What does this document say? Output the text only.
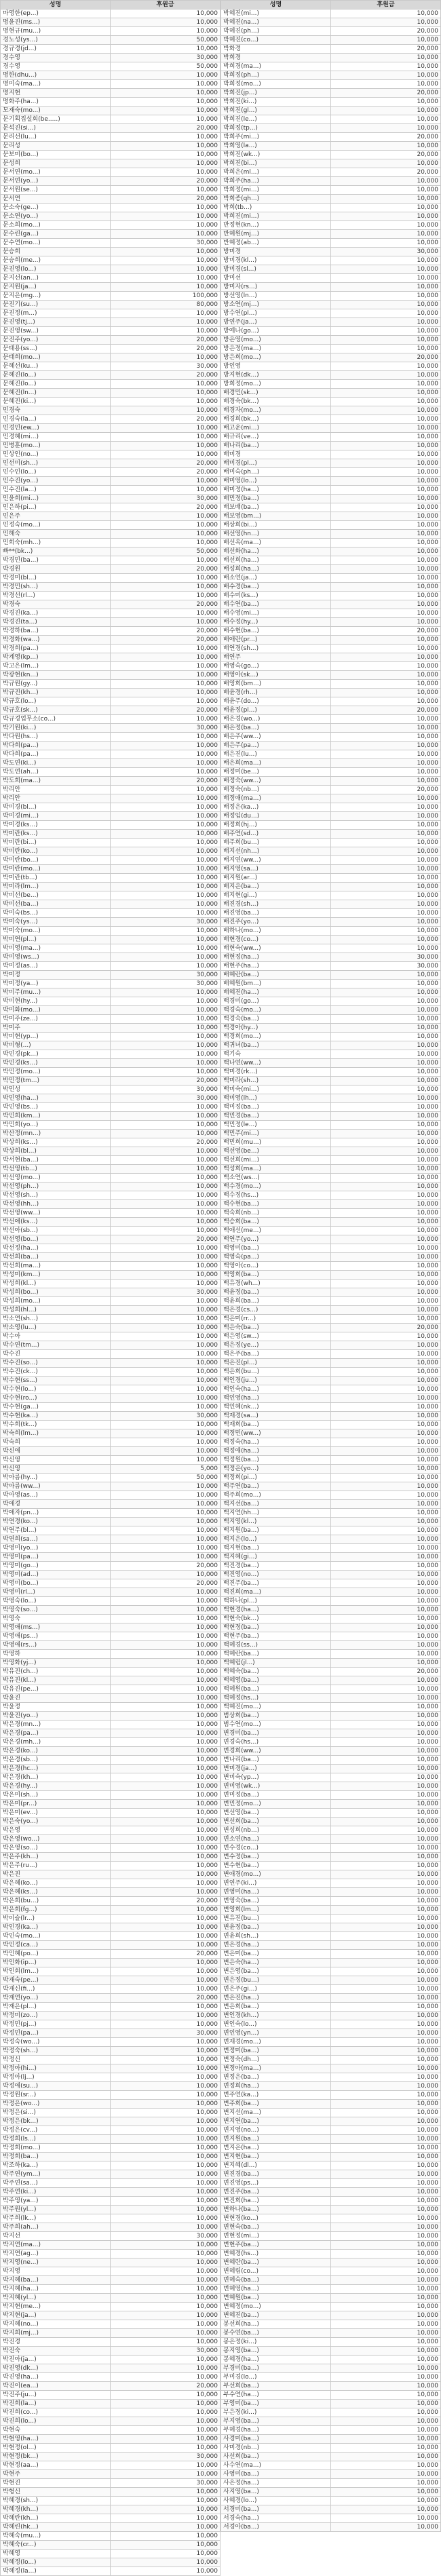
성명	후원금
마영한(ep...)	10,000
명윤진(ms...)	10,000
명현규(mu...)	10,000
경노성(ys...)	50,000
경규경(jd...)	10,000
경수영	30,000
경수영	50,000
명한(dhu...)	10,000
명미숙(ma...)	10,000
명지현	10,000
명화주(ha...)	10,000
모재숙(mo...)	10,000
문기획집설회(be.....)	10,000
문석진(si...)	20,000
문리선(lu...)	10,000
문리성	10,000
문보미(bo...)	10,000
문성희	10,000
문서연(mo...)	10,000
문서연(yo...)	20,000
문서원(se...)	10,000
문서연	20,000
문소숙(ge...)	10,000
문소연(yo...)	10,000
문소희(mo...)	10,000
문수린(ga...)	10,000
문수연(mo...)	30,000
문승희	10,000
문승희(me...)	10,000
문진영(lo...)	10,000
문지선(an...)	10,000
문지원(ja...)	10,000
문지은(mg...)	100,000
문진기(su...)	80,000
문진정(m...)	10,000
문진영(tj...)	10,000
문진영(sw...)	10,000
문진주(yo...)	20,000
문태용(ss...)	20,000
문태희(mo...)	10,000
문혜선(ku...)	30,000
문혜진(lo...)	20,000
문혜진(lo...)	10,000
문혜진(ln...)	10,000
문혜진(ki...)	10,000
민경숙	10,000
민경숙(la...)	20,000
민경민(ew...)	10,000
민경혜(mi...)	10,000
민병훈(mo...)	10,000
민상인(no...)	10,000
민선미(sh...)	20,000
민수인(lo...)	20,000
민수진(yo...)	10,000
민수진(la...)	10,000
민윤희(mi...)	30,000
민은하(pi...)	20,000
민은주	10,000
민정숙(mo...)	10,000
민해숙	10,000
민희숙(mh...)	10,000
빠**(bk...)	50,000
박경민(ba...)	10,000
박경원	20,000
박경미(bl...)	10,000
박경민(sh...)	10,000
박경선(rl...)	10,000
박경숙	20,000
박경진(ka...)	10,000
박경진(ta...)	10,000
박경하(ba...)	20,000
박경화(wa...)	20,000
박경희(pa...)	10,000
박계영(kp...)	10,000
박고은(lm...)	10,000
박광현(kn...)	10,000
박규원(gy...)	10,000
박규진(kh...)	10,000
박규호(lo...)	10,000
박규호(sk...)	20,000
박규경업무소(co...)	10,000
박기원(ki...)	30,000
박다원(hs...)	10,000
박다희(pa...)	10,000
박다희(pa...)	10,000
박도연(ki...)	10,000
박도연(ah...)	10,000
박도희(ma...)	20,000
박리안	10,000
박리안	10,000
박미경(bl...)	10,000
박미경(mi...)	10,000
박미경(ks...)	10,000
박미란(ks...)	10,000
박미란(bi...)	10,000
박미란(ko...)	10,000
박미란(bo...)	10,000
박미란(mo...)	10,000
박미란(tb...)	10,000
박미라(lm...)	10,000
박미선(be...)	10,000
박미선(ba...)	10,000
박미숙(bs...)	10,000
박미숙(ys...)	30,000
박미숙(mo...)	10,000
박미연(pl...)	10,000
박미영(ma...)	10,000
박미영(ws...)	10,000
박미정(as...)	10,000
박미정	30,000
박미정(ya...)	30,000
박미주(mu...)	10,000
박미현(hy...)	10,000
박미화(mo...)	10,000
박미주(ze...)	10,000
박미주	10,000
박미현(yp...)	10,000
박미형(...)	10,000
박민경(pk...)	10,000
박민경(ks...)	10,000
박민정(mo...)	10,000
박민정(tm...)	20,000
박민성	30,000
박민영(ha...)	30,000
박민영(bs...)	10,000
박민희(km...)	10,000
박민희(yo...)	10,000
박산정(mn...)	10,000
박상희(ks...)	20,000
박상희(bl...)	10,000
박서현(ba...)	10,000
박선영(tb...)	10,000
박선영(mo...)	10,000
박선영(ph...)	10,000
박선영(sh...)	10,000
박선영(hh...)	10,000
박선영(ww...)	10,000
박선애(ks...)	10,000
박선아(sb...)	10,000
박선영(bo...)	20,000
박선정(ha...)	10,000
박선희(ba...)	10,000
박선희(ma...)	10,000
박성미(km...)	10,000
박성희(kl...)	10,000
박성희(bo...)	30,000
박성희(mo...)	10,000
박성희(hl...)	10,000
박소연(sh...)	10,000
박소영(lu...)	10,000
박수아	10,000
박수연(tm...)	10,000
박수진	10,000
박수진(so...)	10,000
박수진(ck...)	10,000
박수현(ss...)	10,000
박수현(lo...)	10,000
박수현(ro...)	10,000
박수현(ga...)	10,000
박수현(ka...)	30,000
박수희(tk...)	10,000
박숙희(lm...)	10,000
박숙희	10,000
박신애	10,000
박신영	10,000
박신영	5,000
박아름(hy...)	50,000
박아름(ww...)	10,000
박아영(as...)	10,000
박애경	10,000
박애자(pn...)	10,000
박연경(ko...)	10,000
박연주(bl...)	10,000
박연희(sa...)	10,000
박영미(yo...)	10,000
박영미(pa...)	10,000
박영미(go...)	20,000
박영미(ad...)	10,000
박영미(bo...)	20,000
박영미(rl...)	10,000
박영숙(lo...)	10,000
박영숙(so...)	10,000
박영숙	10,000
박영애(ms...)	10,000
박영애(ps...)	10,000
박영애(rs...)	10,000
박영하	10,000
박영화(yj...)	10,000
박유진(ch...)	10,000
박유진(kl...)	10,000
박유진(pe...)	10,000
박윤진	10,000
박윤정	10,000
박윤진(yo...)	10,000
박은경(mn...)	10,000
박은경(pa...)	10,000
박은경(mh...)	10,000
박은경(ko...)	10,000
박은경(sb...)	10,000
박은경(hc...)	10,000
박은경(kh...)	10,000
박은경(hy...)	10,000
박은미(sh...)	10,000
박은미(pr...)	10,000
박은미(ev...)	10,000
박은숙(yo...)	10,000
박은영	10,000
박은영(wo...)	10,000
박은영(so...)	10,000
박은주(kh...)	10,000
박은주(ru...)	10,000
박은진	10,000
박은혜(ko...)	10,000
박은혜(ks...)	10,000
박은희(bu...)	20,000
박은희(fg...)	10,000
박이슬(lr...)	10,000
박인경(ka...)	10,000
박인숙(mo...)	10,000
박인정(ca...)	10,000
박인혜(po...)	20,000
박인화(ip...)	10,000
박인회(lm...)	10,000
박재숙(pe...)	10,000
박재신(fi...)	10,000
박재연(yo...)	20,000
박재은(pl...)	10,000
박정미(zo...)	10,000
박정민(pj...)	10,000
박정민(pa...)	30,000
박정숙(wo...)	10,000
박정숙(sh...)	10,000
박정신	10,000
박정아(hi...)	10,000
박정아(lj...)	10,000
박정애(su...)	10,000
박정원(sr...)	10,000
박정은(wo...)	10,000
박정은(si...)	10,000
박정은(bk...)	10,000
박정은(cv...)	10,000
박정희(ls...)	10,000
박정희(mo...)	10,000
박정희(ba...)	10,000
박조하(ka...)	10,000
박주연(ym...)	10,000
박주연(sa...)	10,000
박주연(ki...)	10,000
박주영(ya...)	10,000
박주원(yl...)	10,000
박주희(lk...)	10,000
박주희(ah...)	10,000
박지선	30,000
박지연(ma...)	10,000
박지연(ag...)	10,000
박지영(ne...)	10,000
박지영	10,000
박지혜(ba...)	10,000
박지혜(ha...)	10,000
박지혜(yl...)	10,000
박지현(me...)	10,000
박지현(ja...)	10,000
박지혜(no...)	10,000
박지희(mj...)	10,000
박진경	10,000
박진숙	30,000
박진아(ja...)	10,000
박진영(dk...)	10,000
박진영(ha...)	10,000
박진이(ea...)	20,000
박진주(ju...)	10,000
박진희(la...)	10,000
박진희(co...)	10,000
박진희(lo...)	10,000
박현숙	10,000
박현영(ha...)	10,000
박현정(ol...)	10,000
박현정(bk...)	30,000
박현정(aa...)	10,000
박현주	10,000
박현진	30,000
박형신	10,000
박혜경(sh...)	10,000
박혜경(kh...)	10,000
박혜란(kh...)	10,000
박혜린(hk...)	10,000
박혜숙(mu...)	10,000
박혜숙(cr...)	10,000
박혜영	10,000
박혜정(lo...)	10,000
박혜정(la...)	10,000
성명	후원금
박혜진(mi...)	10,000
박혜진(na...)	10,000
박혜진(ph...)	20,000
박혜진(co...)	10,000
박화경	20,000
박희경	10,000
박희경(ma...)	10,000
박희정(ph...)	10,000
박희정(mo...)	10,000
박희진(jp...)	20,000
박희진(ki...)	10,000
박희진(gl...)	10,000
박희진(le...)	10,000
박희정(tp...)	10,000
박희주(mi...)	20,000
박희영(la...)	10,000
박희진(wk...)	20,000
박희진(bi...)	10,000
박희은(ml...)	20,000
박희주(ha...)	10,000
박희정(mi...)	10,000
박희종(qh...)	10,000
박희(tb...)	10,000
박희진(mi...)	10,000
반정현(kn...)	10,000
반혜원(mj...)	10,000
반혜정(ab...)	10,000
방미경	30,000
방미경(kl...)	10,000
방미경(sl...)	10,000
방미선	10,000
방미자(rs...)	10,000
방선영(ln...)	10,000
방소연(mj...)	10,000
방수연(pl...)	10,000
방연주(ja...)	10,000
방예나(go...)	10,000
방은영(mo...)	10,000
방은정(ma...)	10,000
방은희(mo...)	20,000
방인영	10,000
방지현(dk...)	10,000
방희정(mo...)	10,000
배경민(sk...)	10,000
배경숙(bk...)	10,000
배경자(mo...)	10,000
배경희(bk...)	10,000
배고운(mi...)	10,000
배규리(ve...)	10,000
배나리(ba...)	10,000
배미경	10,000
배미경(pl...)	10,000
배미숙(ph...)	10,000
배미영(lo...)	10,000
배미정(ha...)	10,000
배민정(ba...)	10,000
배보배(ba...)	10,000
배보영(bm...)	10,000
배상희(bi...)	10,000
배선영(hn...)	10,000
배선옥(ma...)	10,000
배선화(ha...)	10,000
배선희(ha...)	10,000
배성희(ha...)	10,000
배소연(ja...)	10,000
배수경(ba...)	10,000
배수미(ks...)	10,000
배수연(ba...)	10,000
배수영(mi...)	10,000
배수정(hy...)	10,000
배수현(ba...)	20,000
배애란(pr...)	10,000
배연경(sh...)	10,000
배연주	10,000
배영숙(go...)	10,000
배영아(sk...)	10,000
배영희(bm...)	10,000
배윤경(rh...)	10,000
배윤주(do...)	10,000
배윤정(pl...)	20,000
배은경(wo...)	10,000
배은정(ba...)	10,000
배은주(ww...)	10,000
배은주(pa...)	10,000
배은진(lu...)	10,000
배은희(ma...)	10,000
배정미(be...)	10,000
배정숙(ww...)	10,000
배정숙(nb...)	20,000
배정애(ma...)	10,000
배정은(ka...)	10,000
배정임(du...)	10,000
배정희(hj...)	10,000
배주연(sd...)	10,000
배주희(bu...)	10,000
배지선(nh...)	10,000
배지연(ww...)	10,000
배지영(sa...)	10,000
배지원(ar...)	10,000
배지은(ba...)	10,000
배지현(gi...)	10,000
배진경(sh...)	10,000
배진영(ba...)	10,000
배진주(yo...)	10,000
배하나(mo...)	10,000
배현경(co...)	10,000
배현숙(ww...)	10,000
배현정(ha...)	30,000
배현주(ha...)	30,000
배혜란(ba...)	10,000
배혜원(bm...)	10,000
배혜진(ha...)	10,000
백경미(go...)	10,000
백경숙(mo...)	10,000
백경숙(ba...)	10,000
백경아(hy...)	10,000
백경희(mo...)	10,000
백귀녀(ba...)	10,000
백기숙	10,000
백나연(ww...)	10,000
백미경(rk...)	10,000
백미라(sh...)	10,000
백미숙(mi...)	10,000
백미영(lh...)	10,000
백미정(ba...)	10,000
백민경(ba...)	10,000
백민정(le...)	10,000
백민주(mi...)	10,000
백민희(mu...)	10,000
백선영(be...)	10,000
백선희(mi...)	10,000
백성희(ma...)	10,000
백소연(ws...)	10,000
백수경(mo...)	10,000
백수정(hs...)	10,000
백수현(ba...)	10,000
백숙희(nb...)	10,000
백승희(ba...)	10,000
백애선(me...)	10,000
백연주(yo...)	10,000
백영미(ba...)	10,000
백영숙(pa...)	10,000
백영아(co...)	10,000
백영희(ba...)	10,000
백유경(wh...)	10,000
백윤정(ba...)	10,000
백윤희(ba...)	10,000
백은경(cs...)	10,000
백은미(rr...)	10,000
백은숙(ba...)	20,000
백은영(sw...)	10,000
백은정(ye...)	10,000
백은주(ba...)	10,000
백은진(pl...)	10,000
백은희(bu...)	10,000
백인경(ju...)	10,000
백인숙(ha...)	10,000
백인영(ha...)	10,000
백인혜(nk...)	10,000
백재경(sa...)	10,000
백재희(ba...)	10,000
백정민(ww...)	10,000
백정숙(ha...)	10,000
백정애(ha...)	10,000
백정원(ba...)	10,000
백정은(yo...)	10,000
백정희(pi...)	10,000
백주연(ba...)	10,000
백주희(mo...)	10,000
백지선(ba...)	10,000
백지연(hh...)	10,000
백지영(kl...)	10,000
백지원(ba...)	10,000
백지은(lo...)	10,000
백지현(ba...)	10,000
백지혜(gi...)	10,000
백진경(ba...)	10,000
백진영(no...)	10,000
백진주(ba...)	10,000
백진희(ma...)	10,000
백하나(pl...)	10,000
백현경(ha...)	10,000
백현숙(bk...)	10,000
백현정(ba...)	10,000
백현주(ba...)	10,000
백혜경(ss...)	10,000
백혜란(ba...)	10,000
백혜림(jl...)	10,000
백혜숙(ba...)	20,000
백혜영(ba...)	10,000
백혜원(ba...)	10,000
백혜정(hs...)	10,000
백혜진(mo...)	10,000
범상희(ba...)	10,000
범수연(mo...)	10,000
변경미(ba...)	10,000
변경숙(hs...)	10,000
변경희(ww...)	10,000
변나리(ba...)	10,000
변미경(ja...)	10,000
변미숙(yp...)	10,000
변미영(wk...)	10,000
변미정(ba...)	10,000
변민정(mo...)	10,000
변선영(ba...)	10,000
변선희(ba...)	10,000
변성희(nb...)	10,000
변소연(ha...)	10,000
변수경(co...)	10,000
변수정(ba...)	10,000
변수현(ba...)	10,000
변애경(mo...)	10,000
변연주(ki...)	10,000
변영미(ha...)	10,000
변영숙(ba...)	10,000
변영희(lm...)	10,000
변유진(bu...)	10,000
변윤정(ba...)	10,000
변윤희(sh...)	10,000
변은경(ha...)	10,000
변은미(ba...)	10,000
변은숙(ha...)	10,000
변은영(ba...)	10,000
변은정(bu...)	10,000
변은주(gi...)	10,000
변은진(ha...)	10,000
변은희(ba...)	10,000
변인경(kh...)	10,000
변인숙(lo...)	10,000
변인영(yn...)	10,000
변재경(mo...)	10,000
변정미(ba...)	10,000
변정숙(dh...)	10,000
변정아(ma...)	10,000
변정은(ba...)	10,000
변정희(ha...)	10,000
변주연(ka...)	10,000
변주희(ba...)	10,000
변지선(ma...)	10,000
변지연(ba...)	10,000
변지영(no...)	10,000
변지원(ba...)	10,000
변지은(ha...)	10,000
변지현(ba...)	10,000
변지혜(dl...)	10,000
변진경(ba...)	10,000
변진영(ps...)	10,000
변진주(ba...)	10,000
변진희(ha...)	10,000
변하나(ba...)	10,000
변현경(ko...)	10,000
변현숙(ba...)	10,000
변현정(mi...)	10,000
변현주(ba...)	10,000
변혜경(hs...)	10,000
변혜란(ba...)	10,000
변혜림(co...)	10,000
변혜숙(ba...)	10,000
변혜영(ha...)	10,000
변혜원(ba...)	10,000
변혜정(mo...)	10,000
변혜진(ba...)	10,000
봉선희(ha...)	10,000
봉수연(ba...)	10,000
봉은정(ki...)	10,000
봉지영(ba...)	10,000
봉혜경(ha...)	10,000
부경미(ba...)	10,000
부미경(lo...)	10,000
부선희(ba...)	10,000
부수연(ha...)	10,000
부영미(ba...)	10,000
부은정(ki...)	10,000
부지영(ba...)	10,000
부혜경(ha...)	10,000
사경미(ba...)	10,000
사미경(nb...)	10,000
사선희(ba...)	10,000
사수연(ma...)	10,000
사영미(ba...)	10,000
사은정(ha...)	10,000
사지영(ba...)	10,000
사혜경(lo...)	10,000
서경미(ba...)	10,000
서경숙(ha...)	10,000
서경아(ba...)	10,000
